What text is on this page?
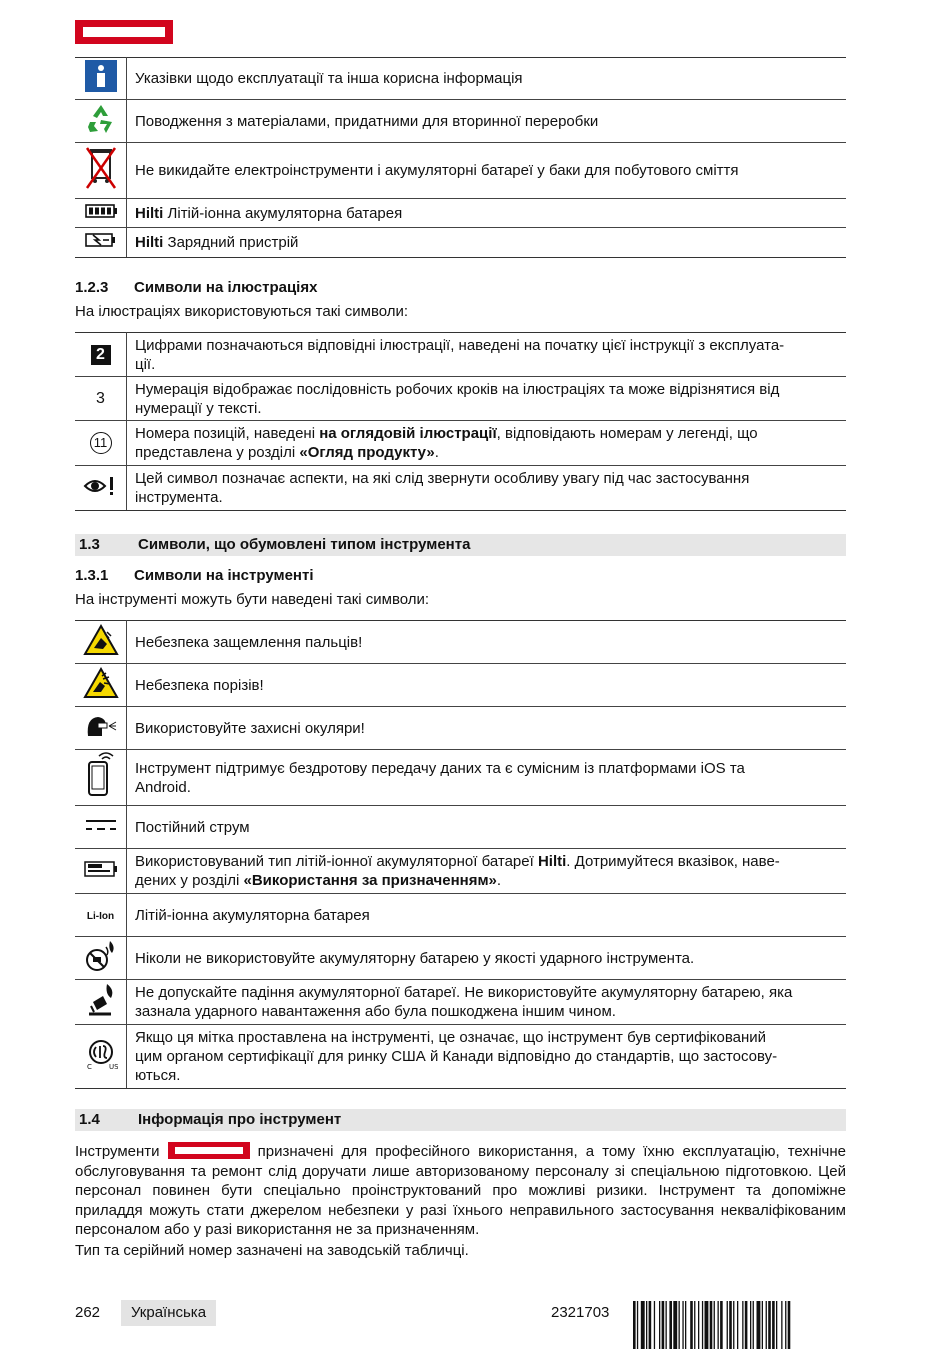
	Указівки щодо експлуатації та інша корисна інформація
	Поводження з матеріалами, придатними для вторинної переробки
	Не викидайте електроінструменти і акумуляторні батареї у баки для побутового сміття
	Hilti Літій-іонна акумуляторна батарея
	Hilti Зарядний пристрій
1.2.3 Символи на ілюстраціях
На ілюстраціях використовуються такі символи:
2	Цифрами позначаються відповідні ілюстрації, наведені на початку цієї інструкції з експлуата-
ції.
3	Нумерація відображає послідовність робочих кроків на ілюстраціях та може відрізнятися від
нумерації у тексті.
11	Номера позицій, наведені на оглядовій ілюстрації, відповідають номерам у легенді, що
представлена у розділі «Огляд продукту».
	Цей символ позначає аспекти, на які слід звернути особливу увагу під час застосування
інструмента.
1.3	Символи, що обумовлені типом інструмента
1.3.1 Символи на інструменті
На інструменті можуть бути наведені такі символи:
	Небезпека защемлення пальців!
	Небезпека порізів!
	Використовуйте захисні окуляри!
	Інструмент підтримує бездротову передачу даних та є сумісним із платформами iOS та
Android.
	Постійний струм
	Використовуваний тип літій-іонної акумуляторної батареї Hilti. Дотримуйтеся вказівок, наве-
дених у розділі «Використання за призначенням».
Li-Ion	Літій-іонна акумуляторна батарея
	Ніколи не використовуйте акумуляторну батарею у якості ударного інструмента.
	Не допускайте падіння акумуляторної батареї. Не використовуйте акумуляторну батарею, яка
зазнала ударного навантаження або була пошкоджена іншим чином.

C US	Якщо ця мітка проставлена на інструменті, це означає, що інструмент був сертифікований
цим органом сертифікації для ринку США й Канади відповідно до стандартів, що застосову-
ються.
1.4	Інформація про інструмент
Інструменти	призначені для професійного використання, а тому їхню експлуатацію, технічне обслуговування та ремонт слід доручати лише авторизованому персоналу зі спеціальною підготовкою. Цей персонал повинен бути спеціально проінструктований про можливі ризики. Інструмент та допоміжне приладдя можуть стати джерелом небезпеки у разі їхнього неправильного застосування некваліфікованим персоналом або у разі використання не за призначенням.
Тип та серійний номер зазначені на заводській табличці.
262	Українська	2321703
